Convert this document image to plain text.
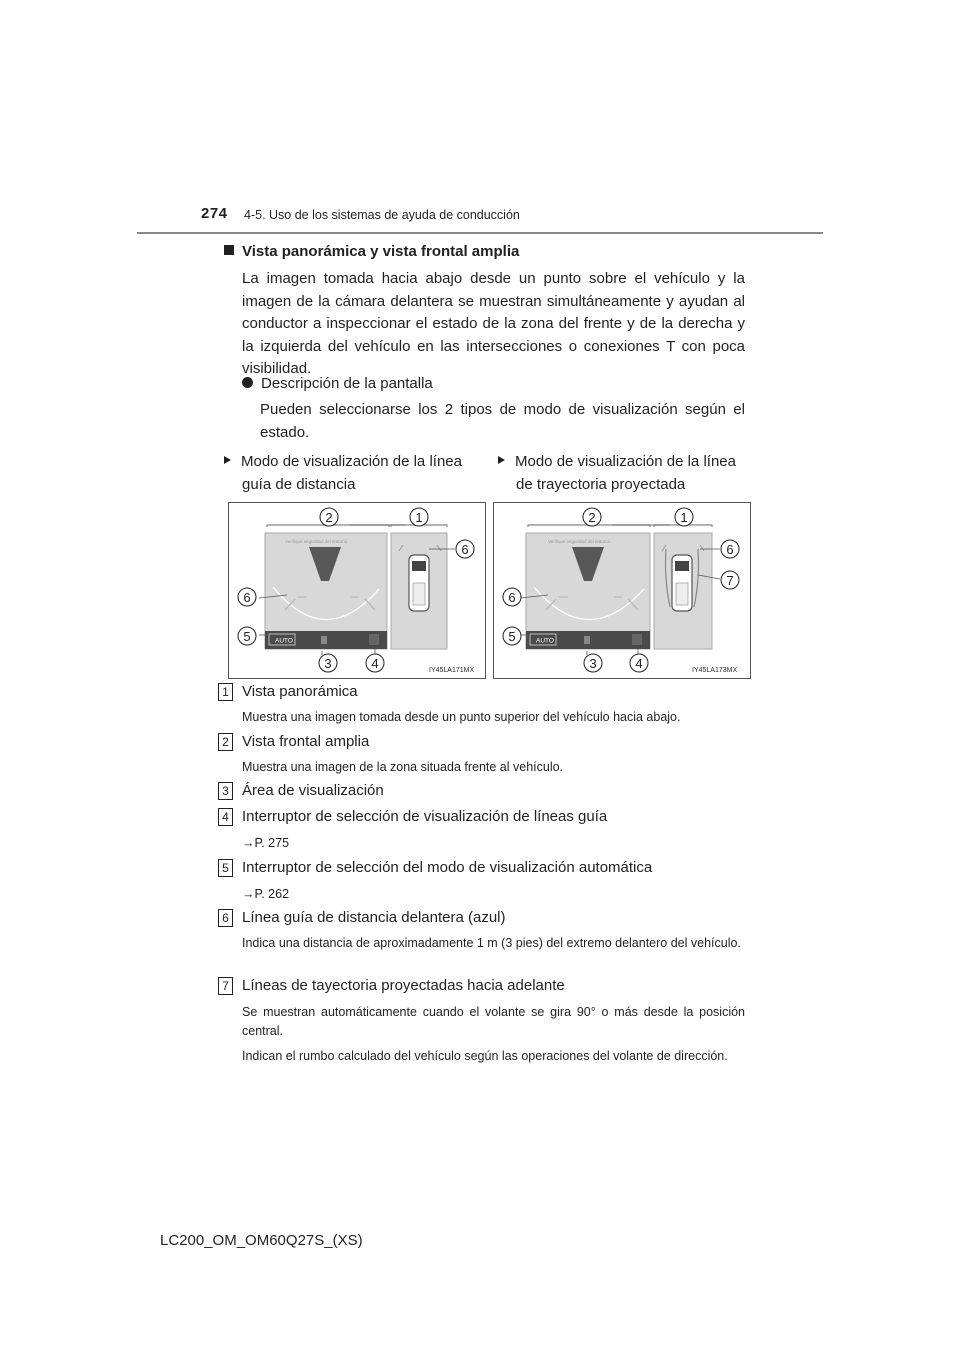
274 4-5. Uso de los sistemas de ayuda de conducción
Vista panorámica y vista frontal amplia
La imagen tomada hacia abajo desde un punto sobre el vehículo y la imagen de la cámara delantera se muestran simultáneamente y ayudan al conductor a inspeccionar el estado de la zona del frente y de la derecha y la izquierda del vehículo en las intersecciones o conexiones T con poca visibilidad.
Descripción de la pantalla
Pueden seleccionarse los 2 tipos de modo de visualización según el estado.
Modo de visualización de la línea
guía de distancia
Modo de visualización de la línea
de trayectoria proyectada
Verifique seguridad del entorno.
AUTO
2	1
6
6
5
3	4	IY45LA171MX
Verifique seguridad del entorno.
AUTO
2	1
6
7
6
5
3	4	IY45LA173MX
1 Vista panorámica
Muestra una imagen tomada desde un punto superior del vehículo hacia abajo.
2 Vista frontal amplia
Muestra una imagen de la zona situada frente al vehículo.
3 Área de visualización
4 Interruptor de selección de visualización de líneas guía
→P. 275
5 Interruptor de selección del modo de visualización automática
→P. 262
6 Línea guía de distancia delantera (azul)
Indica una distancia de aproximadamente 1 m (3 pies) del extremo delantero del vehículo.
7 Líneas de tayectoria proyectadas hacia adelante
Se muestran automáticamente cuando el volante se gira 90° o más desde la posición central.
Indican el rumbo calculado del vehículo según las operaciones del volante de dirección.
LC200_OM_OM60Q27S_(XS)
